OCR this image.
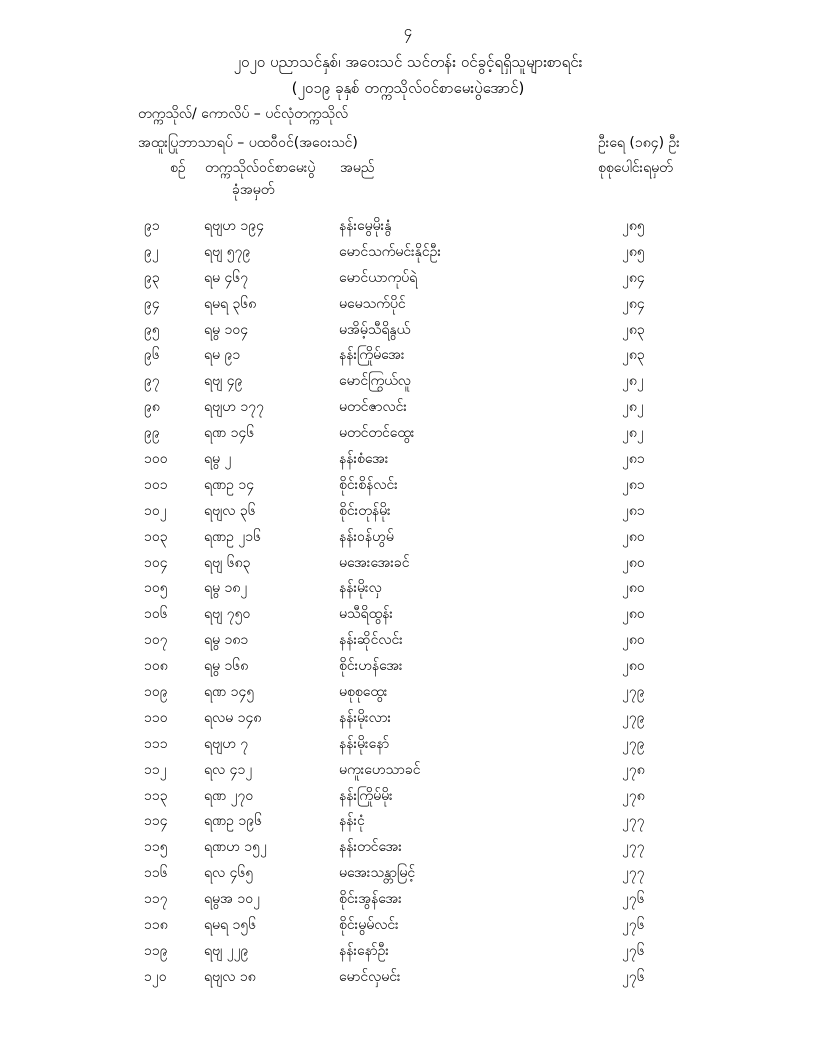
၄
၂၀၂၀ ပညာသင်နှစ်၊ အဝေးသင် သင်တန်း ဝင်ခွင့်ရရှိသူများစာရင်း
(၂၀၁၉ ခုနှစ် တက္ကသိုလ်ဝင်စာမေးပွဲအောင်)
တက္ကသိုလ်/ ကောလိပ် – ပင်လုံတက္ကသိုလ်
အထူးပြုဘာသာရပ် – ပထဝီဝင်(အဝေးသင်)	ဦးရေ (၁၈၄) ဦး
စဉ် တက္ကသိုလ်ဝင်စာမေးပွဲ
ခုံအမှတ်
အမည်	စုစုပေါင်းရမှတ်
၉၁	ရဗျဟ ၁၉၄	နန်းမွေမိုးနွံ	၂၈၅
၉၂	ရဗျ ၅၇၉	မောင်သက်မင်းနိုင်ဦး	၂၈၅
၉၃	ရမ ၄၆၇	မောင်ယာကုပ်ရဲ	၂၈၄
၉၄	ရမရ ၃၆၈	မမေသက်ပိုင်	၂၈၄
၉၅	ရမွ ၁၀၄	မအိမ့်သီရိနွယ်	၂၈၃
၉၆	ရမ ၉၁	နန်းကြိုမ်အေး	၂၈၃
၉၇	ရဗျ ၄၉	မောင်ကြွယ်လူ	၂၈၂
၉၈	ရဗျဟ ၁၇၇	မတင်ဇာလင်း	၂၈၂
၉၉	ရဏ ၁၄၆	မတင်တင်ထွေး	၂၈၂
၁၀၀	ရမွ ၂	နန်းစံအေး	၂၈၁
၁၀၁	ရဏဥ ၁၄	စိုင်းစိန်လင်း	၂၈၁
၁၀၂	ရဗျလ ၃၆	စိုင်းတုန်မိုး	၂၈၁
၁၀၃	ရဏဥ ၂၁၆	နန်းဝန်ဟွမ်	၂၈၀
၁၀၄	ရဗျ ၆၈၃	မအေးအေးခင်	၂၈၀
၁၀၅	ရမွ ၁၈၂	နန်းမိုးလှ	၂၈၀
၁၀၆	ရဗျ ၇၅၀	မသီရိထွန်း	၂၈၀
၁၀၇	ရမွ ၁၈၁	နန်းဆိုင်လင်း	၂၈၀
၁၀၈	ရမွ ၁၆၈	စိုင်းဟန်အေး	၂၈၀
၁၀၉	ရဏ ၁၄၅	မစုစုထွေး	၂၇၉
၁၁၀	ရလမ ၁၄၈	နန်းမိုးလား	၂၇၉
၁၁၁	ရဗျဟ ၇	နန်းမိုးနော်	၂၇၉
၁၁၂	ရလ ၄၁၂	မကူးဟေသာခင်	၂၇၈
၁၁၃	ရဏ ၂၇၀	နန်းကြိုမ်မိုး	၂၇၈
၁၁၄	ရဏဥ ၁၉၆	နန်းငုံ	၂၇၇
၁၁၅	ရဏဟ ၁၅၂	နန်းတင်အေး	၂၇၇
၁၁၆	ရလ ၄၆၅	မအေးသန္တာမြင့်	၂၇၇
၁၁၇	ရမွအ ၁၀၂	စိုင်းအွန်အေး	၂၇၆
၁၁၈	ရမရ ၁၅၆	စိုင်းမွမ်လင်း	၂၇၆
၁၁၉	ရဗျ ၂၂၉	နန်းနော်ဦး	၂၇၆
၁၂၀	ရဗျလ ၁၈	မောင်လှမင်း	၂၇၆
